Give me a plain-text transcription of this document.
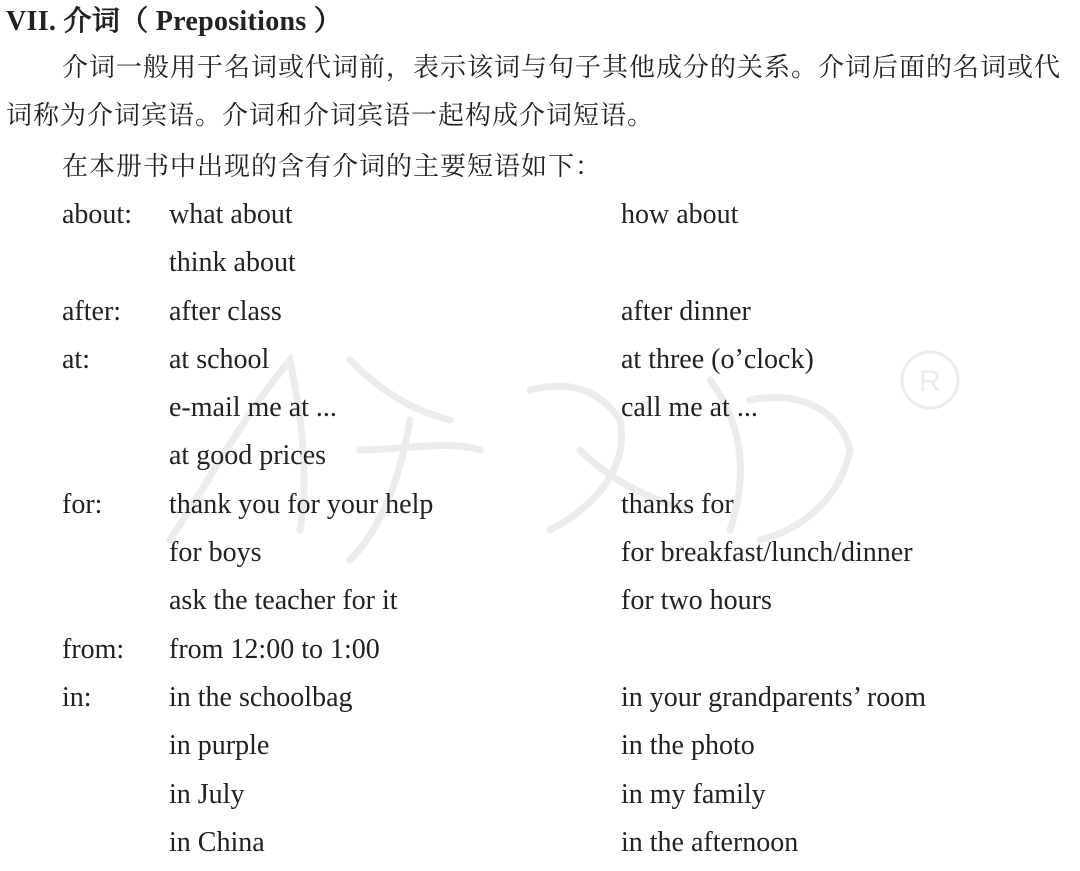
R
VII. 介词（ Prepositions ）
介词一般用于名词或代词前，表示该词与句子其他成分的关系。介词后面的名词或代
词称为介词宾语。介词和介词宾语一起构成介词短语。
在本册书中出现的含有介词的主要短语如下：
about: what about	how about
think about
after: after class	after dinner
at:	at school	at three (o’clock)
e-mail me at ...	call me at ...
at good prices
for: thank you for your help	thanks for
for boys	for breakfast/lunch/dinner
ask the teacher for it	for two hours
from: from 12:00 to 1:00
in:	in the schoolbag	in your grandparents’ room
in purple	in the photo
in July	in my family
in China	in the afternoon
